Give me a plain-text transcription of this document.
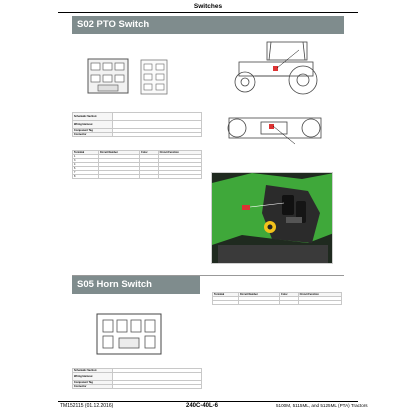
Switches
S02 PTO Switch
Schematic Section:	
Wiring Harness:	
Component Tag	
Connector	
Terminal	Circuit Number	Color	Circuit Function
1			
3			
4			
6			
7			
8			
S05 Horn Switch
Terminal	Circuit Number	Color	Circuit Function

Schematic Section:	
Wiring Harness:	
Component Tag	
Connector	
TM152115 (01.12.2016)	240C-40L-6	5100M, 5115ML, and 5125ML (PTA) Tractors
